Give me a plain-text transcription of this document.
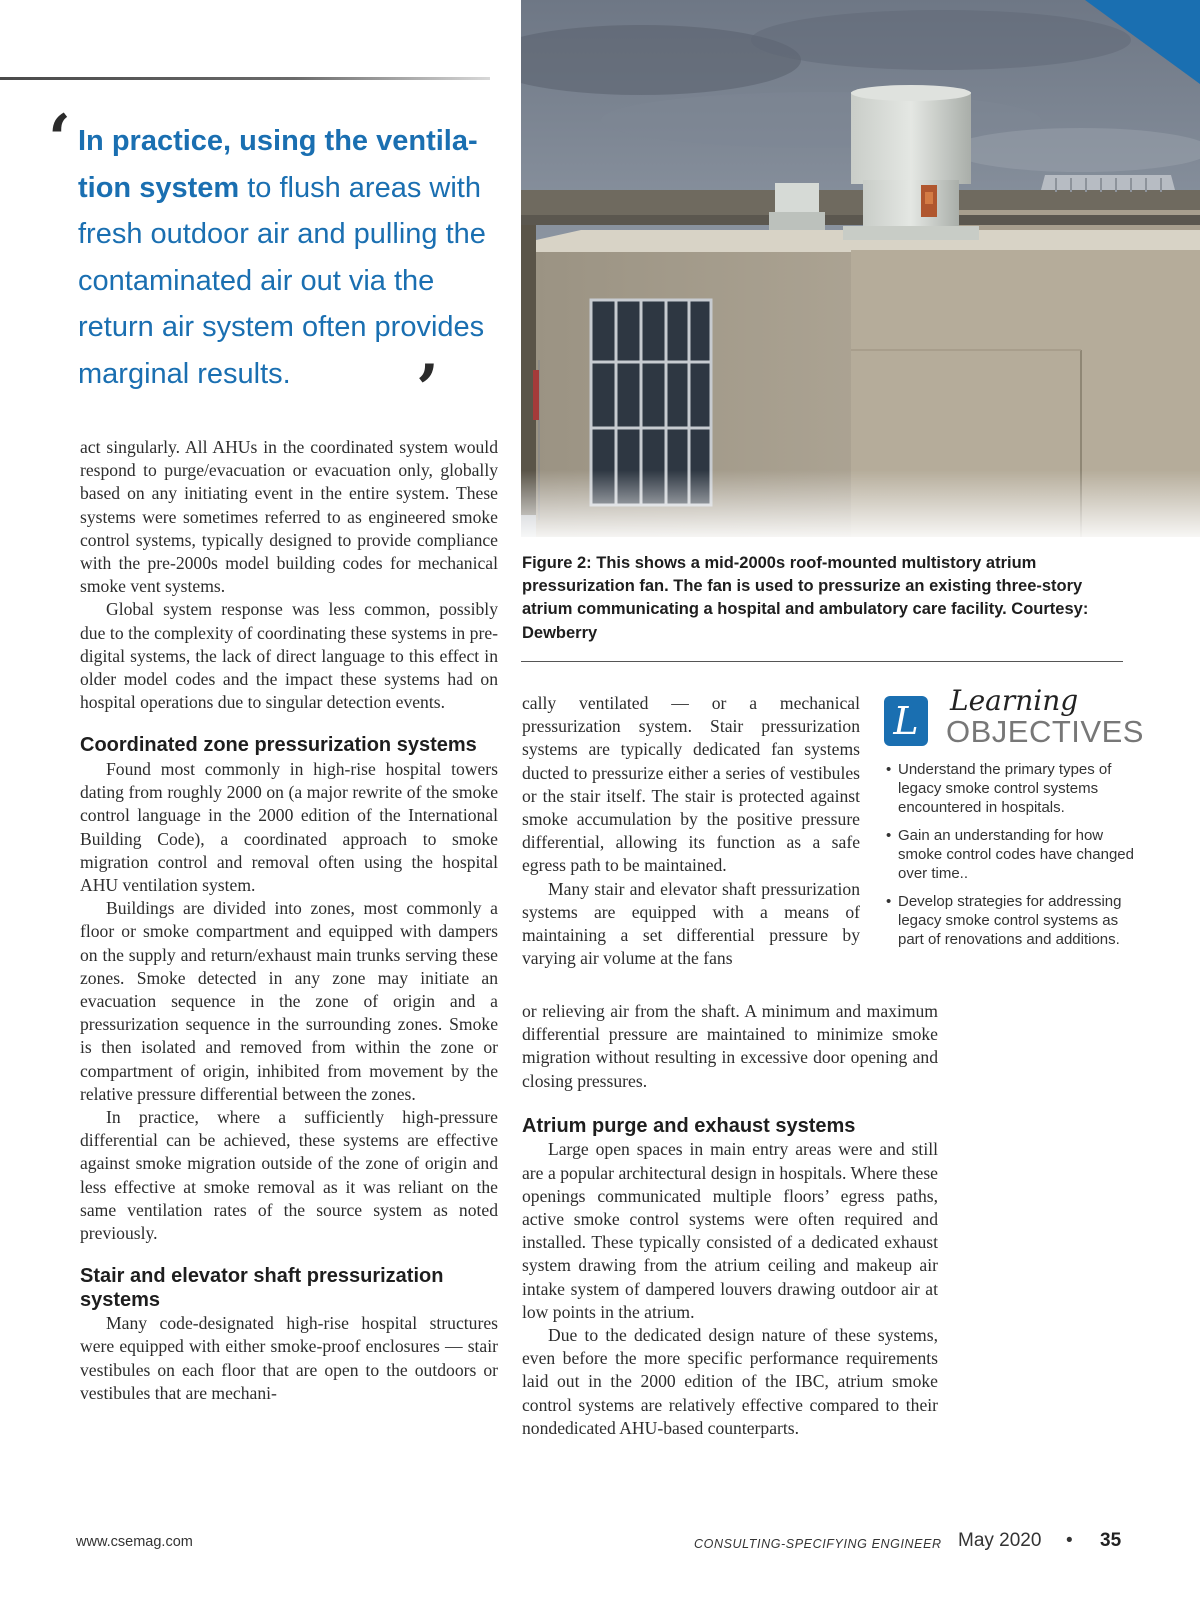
‘ In practice, using the ventila- tion system to flush areas with fresh outdoor air and pulling the contaminated air out via the return air system often provides marginal results.	’
Figure 2: This shows a mid-2000s roof-mounted multistory atrium pressurization fan. The fan is used to pressurize an existing three-story atrium communicating a hospital and ambulatory care facility. Courtesy: Dewberry

act singularly. All AHUs in the coordinated system would respond to purge/evacuation or evacuation only, globally based on any initiating event in the entire system. These systems were sometimes referred to as engineered smoke control systems, typically designed to provide compliance with the pre-2000s model building codes for mechanical smoke vent systems.

Global system response was less common, possibly due to the complexity of coordinating these systems in pre-digital systems, the lack of direct language to this effect in older model codes and the impact these systems had on hospital operations due to singular detection events.

Coordinated zone pressurization systems

Found most commonly in high-rise hospital towers dating from roughly 2000 on (a major rewrite of the smoke control language in the 2000 edition of the International Building Code), a coordinated approach to smoke migration control and removal often using the hospital AHU ventilation system.

Buildings are divided into zones, most commonly a floor or smoke compartment and equipped with dampers on the supply and return/exhaust main trunks serving these zones. Smoke detected in any zone may initiate an evacuation sequence in the zone of origin and a pressurization sequence in the surrounding zones. Smoke is then isolated and removed from within the zone or compartment of origin, inhibited from movement by the relative pressure differential between the zones.

In practice, where a sufficiently high-pressure differential can be achieved, these systems are effective against smoke migration outside of the zone of origin and less effective at smoke removal as it was reliant on the same ventilation rates of the source system as noted previously.

Stair and elevator shaft pressurization systems

Many code-designated high-rise hospital structures were equipped with either smoke-proof enclosures — stair vestibules on each floor that are open to the outdoors or vestibules that are mechani-

cally ventilated — or a mechanical pressurization system. Stair pressurization systems are typically dedicated fan systems ducted to pressurize either a series of vestibules or the stair itself. The stair is protected against smoke accumulation by the positive pressure differential, allowing its function as a safe egress path to be maintained.

Many stair and elevator shaft pressurization systems are equipped with a means of maintaining a set differential pressure by varying air volume at the fans

or relieving air from the shaft. A minimum and maximum differential pressure are maintained to minimize smoke migration without resulting in excessive door opening and closing pressures.

Atrium purge and exhaust systems

Large open spaces in main entry areas were and still are a popular architectural design in hospitals. Where these openings communicated multiple floors’ egress paths, active smoke control systems were often required and installed. These typically consisted of a dedicated exhaust system drawing from the atrium ceiling and makeup air intake system of dampered louvers drawing outdoor air at low points in the atrium.

Due to the dedicated design nature of these systems, even before the more specific performance requirements laid out in the 2000 edition of the IBC, atrium smoke control systems are relatively effective compared to their nondedicated AHU-based counterparts.

L	Learning
OBJECTIVES
• Understand the primary types of legacy smoke control systems encountered in hospitals.
• Gain an understanding for how smoke control codes have changed over time..
• Develop strategies for addressing legacy smoke control systems as part of renovations and additions.
www.csemag.com	CONSULTING-SPECIFYING ENGINEER May 2020 • 35
